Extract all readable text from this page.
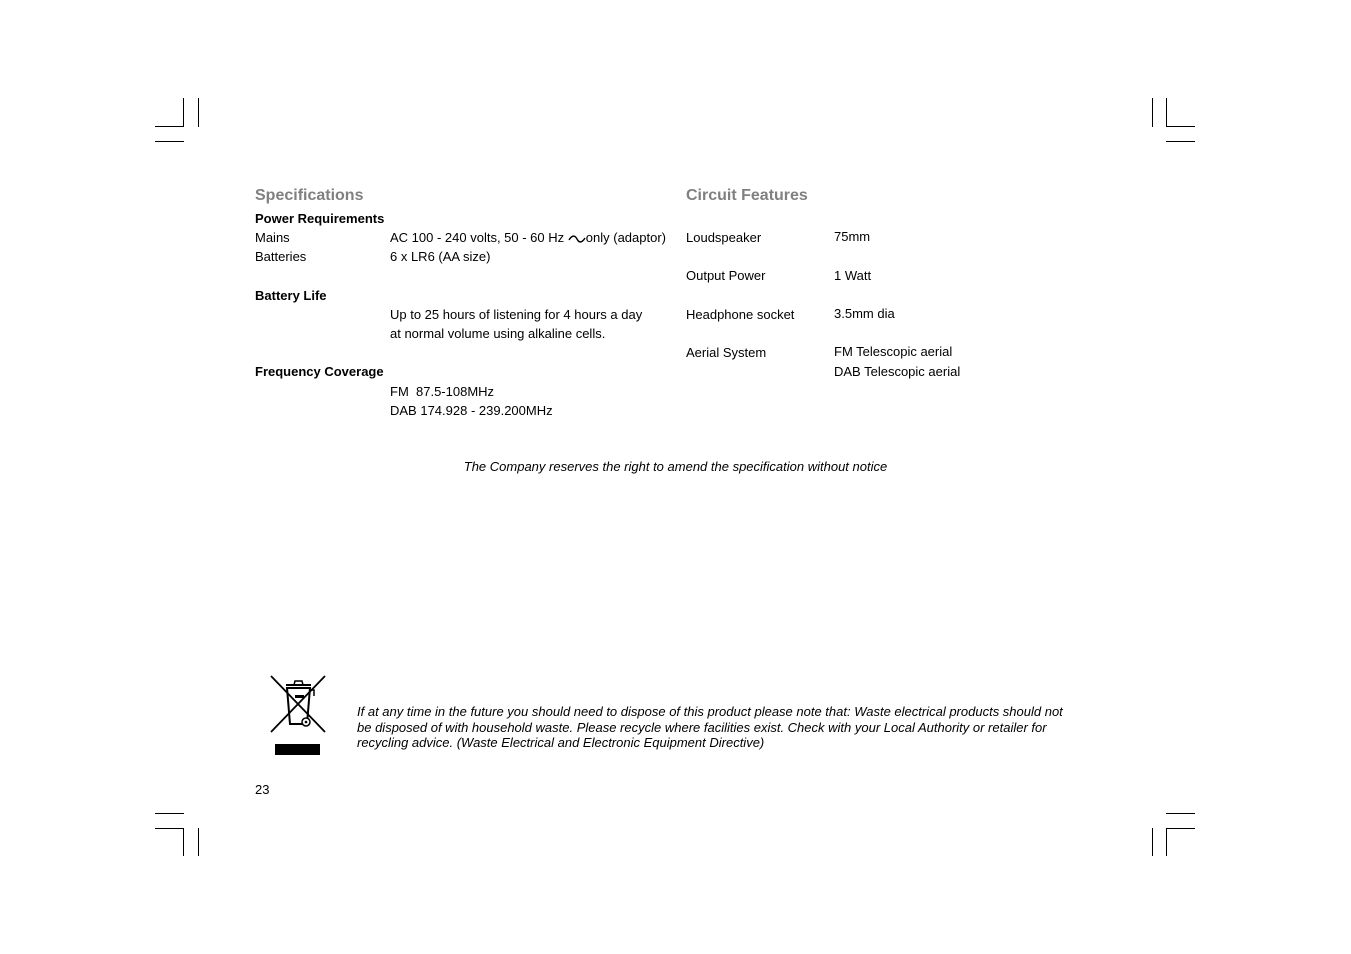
Specifications
Power Requirements
Mains	AC 100 - 240 volts, 50 - 60 Hz only (adaptor)
Batteries	6 x LR6 (AA size)
Battery Life
Up to 25 hours of listening for 4 hours a day
at normal volume using alkaline cells.
Frequency Coverage
FM  87.5-108MHz
DAB 174.928 - 239.200MHz
Circuit Features
Loudspeaker	75mm
Output Power	1 Watt
Headphone socket	3.5mm dia
Aerial System	FM Telescopic aerial
DAB Telescopic aerial
The Company reserves the right to amend the specification without notice
If at any time in the future you should need to dispose of this product please note that: Waste electrical products should not be disposed of with household waste. Please recycle where facilities exist. Check with your Local Authority or retailer for recycling advice. (Waste Electrical and Electronic Equipment Directive)
23
